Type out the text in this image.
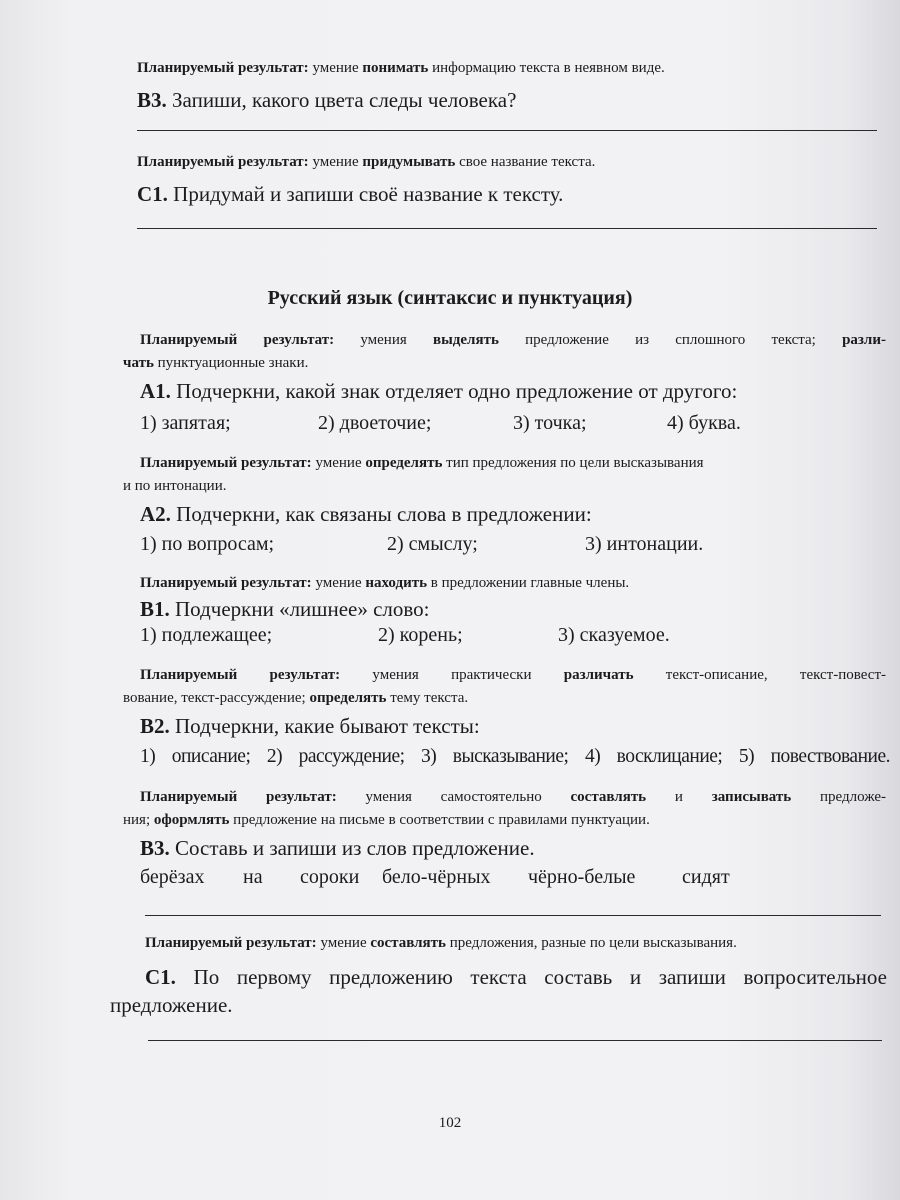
Планируемый результат: умение понимать информацию текста в неявном виде.
В3. Запиши, какого цвета следы человека?
Планируемый результат: умение придумывать свое название текста.
С1. Придумай и запиши своё название к тексту.
Русский язык (синтаксис и пунктуация)
Планируемый результат: умения выделять предложение из сплошного текста; разли-
чать пунктуационные знаки.
А1. Подчеркни, какой знак отделяет одно предложение от другого:
1) запятая;	2) двоеточие;	3) точка;	4) буква.
Планируемый результат: умение определять тип предложения по цели высказывания
и по интонации.
А2. Подчеркни, как связаны слова в предложении:
1) по вопросам;	2) смыслу;	3) интонации.
Планируемый результат: умение находить в предложении главные члены.
В1. Подчеркни «лишнее» слово:
1) подлежащее;	2) корень;	3) сказуемое.
Планируемый результат: умения практически различать текст-описание, текст-повест-
вование, текст-рассуждение; определять тему текста.
В2. Подчеркни, какие бывают тексты:
1) описание; 2) рассуждение; 3) высказывание; 4) восклицание; 5) повествование.
Планируемый результат: умения самостоятельно составлять и записывать предложе-
ния; оформлять предложение на письме в соответствии с правилами пунктуации.
В3. Составь и запиши из слов предложение.
берёзах на сороки бело-чёрных чёрно-белые сидят
Планируемый результат: умение составлять предложения, разные по цели высказывания.
С1. По первому предложению текста составь и запиши вопросительное
предложение.
102
